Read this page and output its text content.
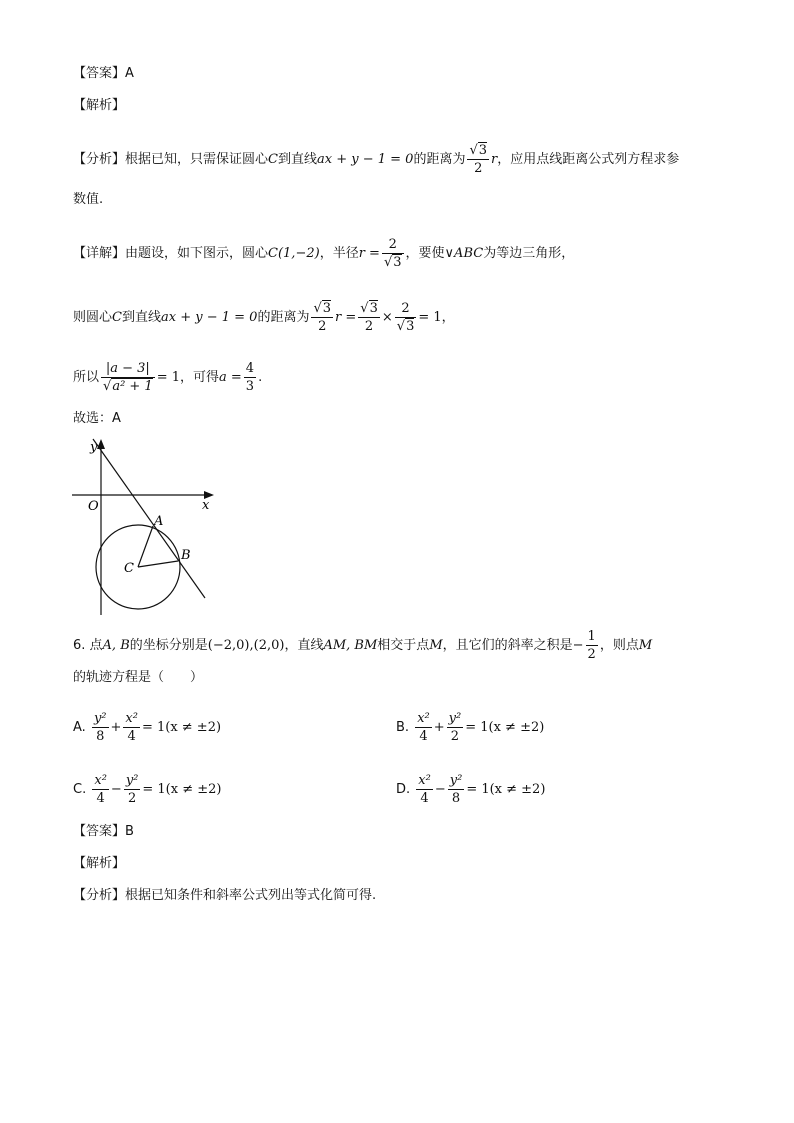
【答案】A
【解析】
【分析】根据已知，只需保证圆心C到直线ax + y − 1 = 0的距离为 $\frac{√3}{2}$ r，应用点线距离公式列方程求参
数值.
【详解】由题设，如下图示，圆心C(1,−2)，半径$r = \frac{2}{√3}$ ，要使∨ABC为等边三角形，
则圆心C到直线ax + y − 1 = 0的距离为 $\frac{√3}{2}$ $r = \frac{√3}{2} \times \frac{2}{√3} = 1$，
所以 $\frac{|a - 3|}{\text{√a² + 1}} = 1$，可得$a = \frac{4}{3}$ .
故选：A
y
x
O
A
B
C
6. 点A, B的坐标分别是(−2,0),(2,0)，直线AM, BM相交于点M，且它们的斜率之积是− $\frac{1}{2}$ ，则点M
的轨迹方程是（　　）
A. $\frac{\text{y²}}{8} + \frac{\text{x²}}{4} = 1(x \ne \pm 2)$	B. $\frac{\text{x²}}{4} + \frac{\text{y²}}{2} = 1(x \ne \pm 2)$
C. $\frac{\text{x²}}{4} - \frac{\text{y²}}{2} = 1(x \ne \pm 2)$	D. $\frac{\text{x²}}{4} - \frac{\text{y²}}{8} = 1(x \ne \pm 2)$
【答案】B
【解析】
【分析】根据已知条件和斜率公式列出等式化简可得.
